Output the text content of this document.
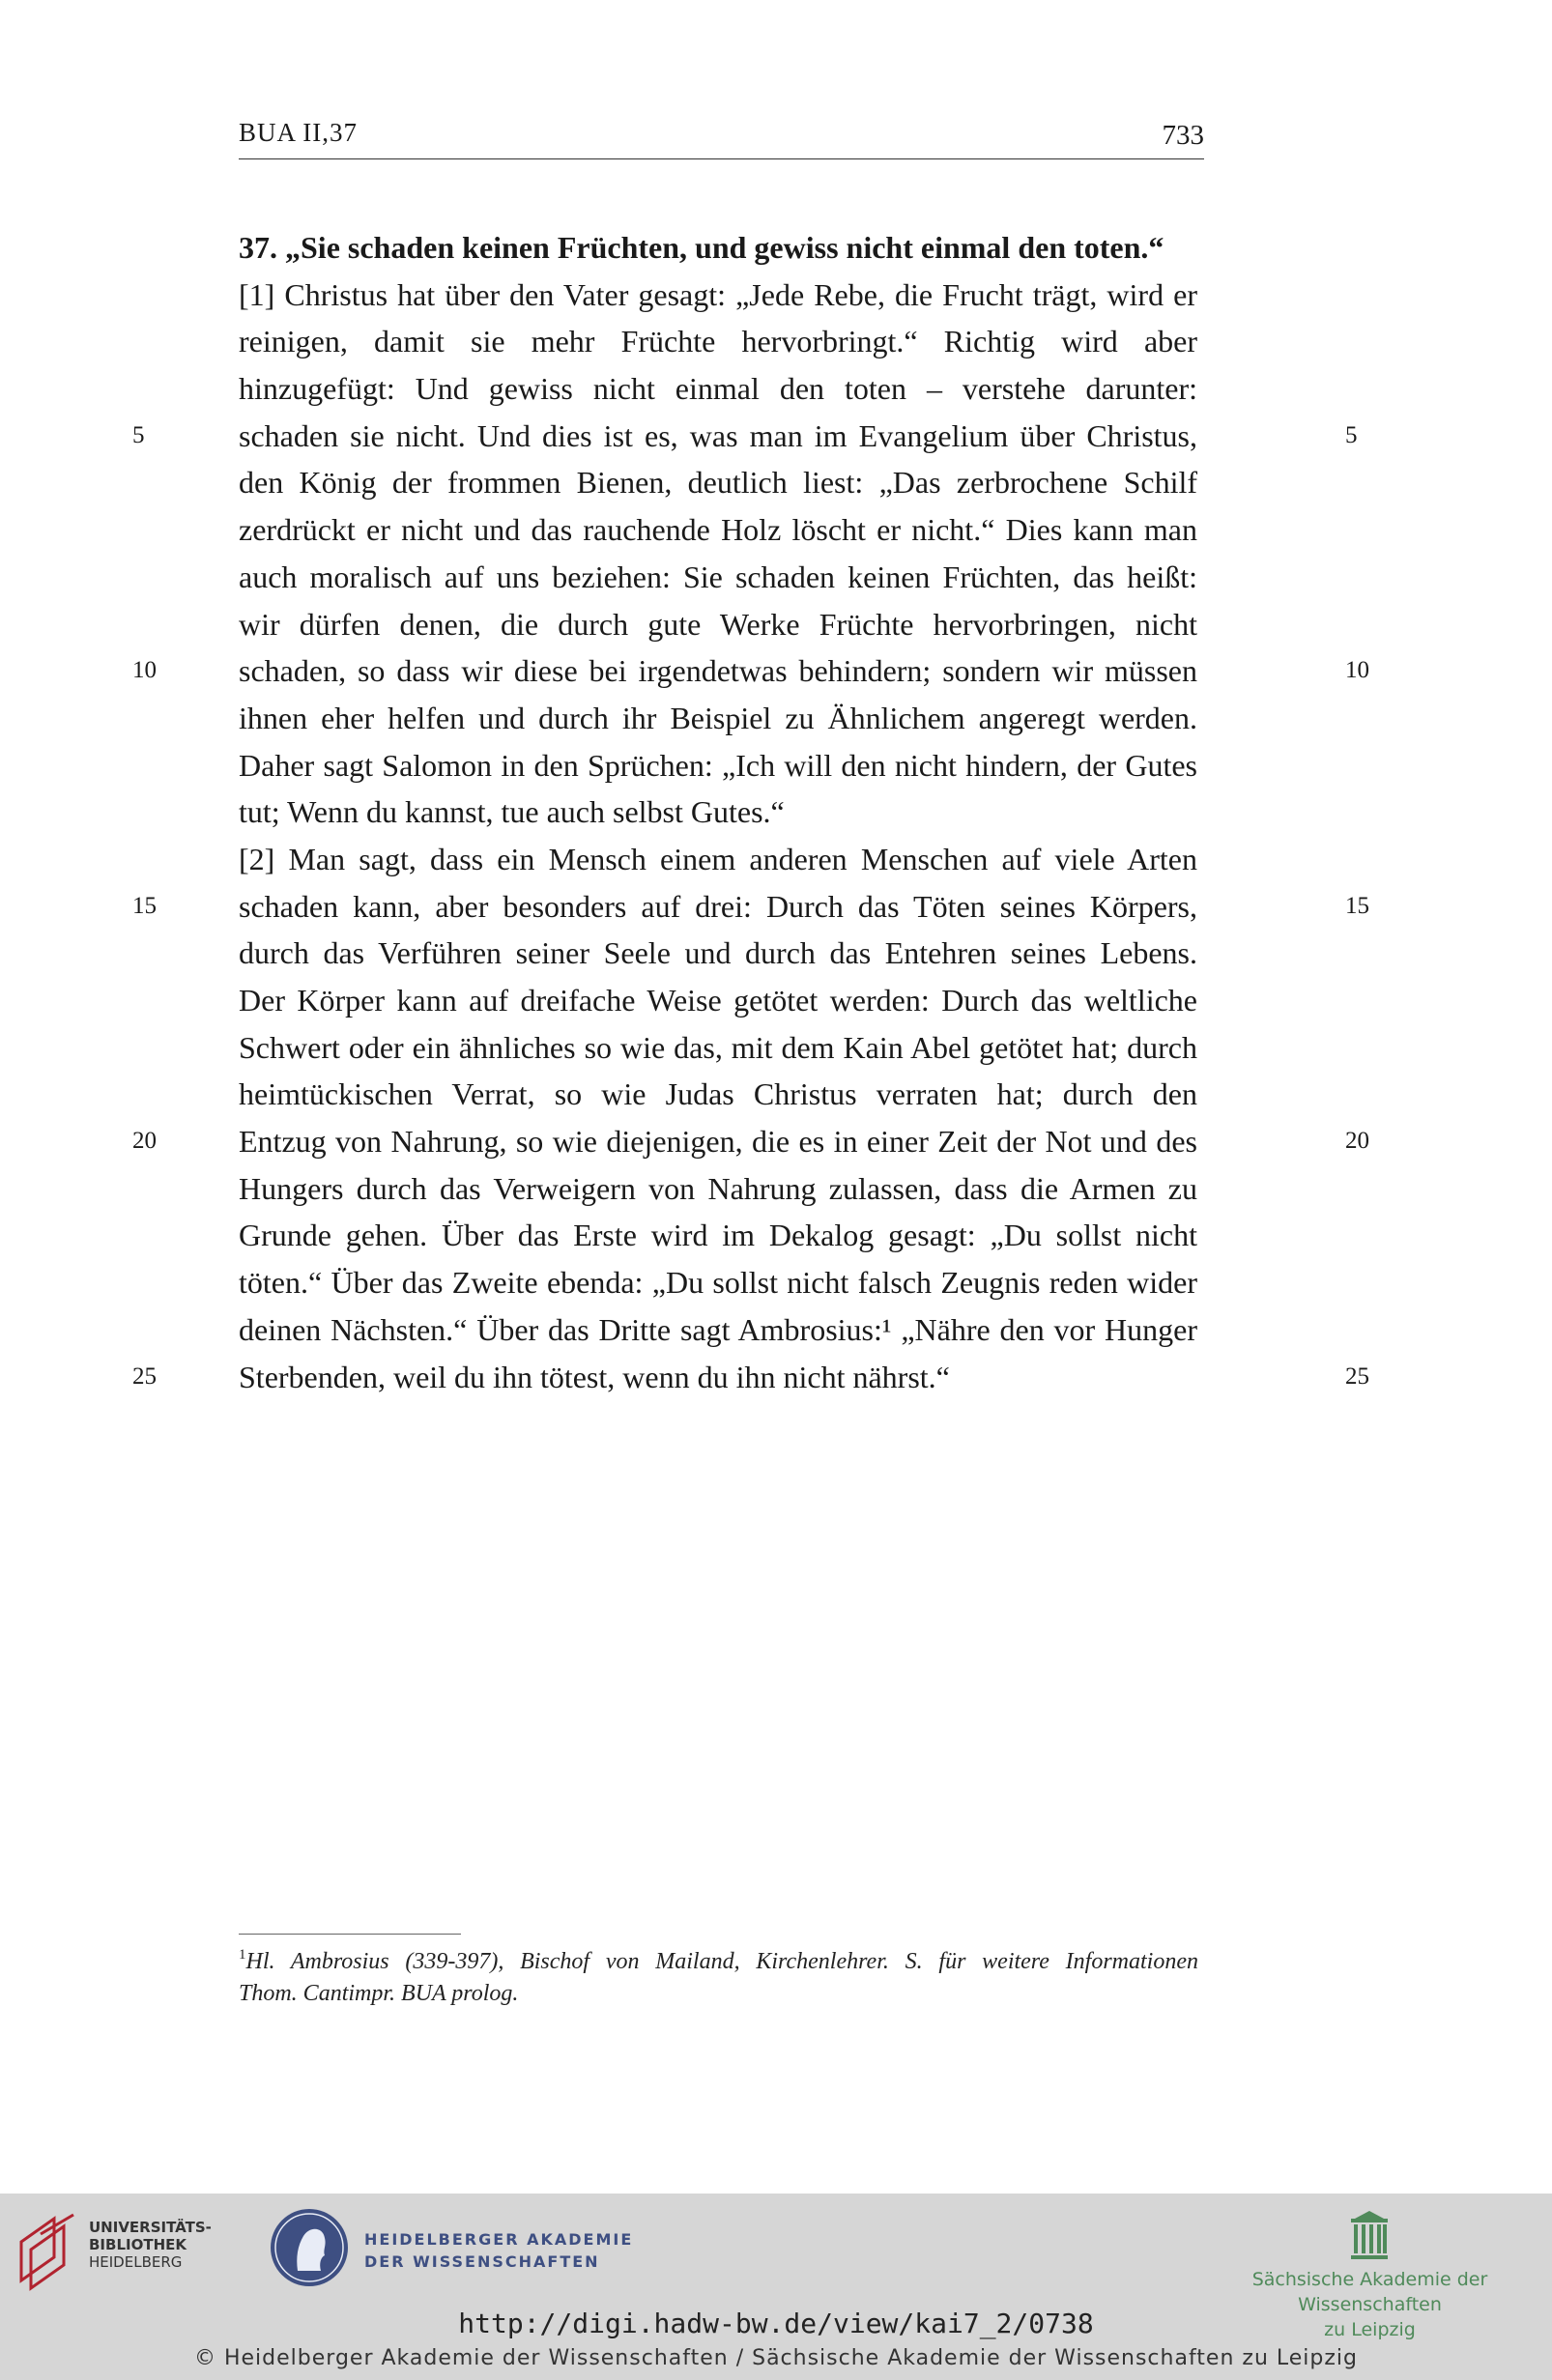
BUA II,37	733
37. „Sie schaden keinen Früchten, und gewiss nicht einmal den toten.“
[1] Christus hat über den Vater gesagt: „Jede Rebe, die Frucht trägt, wird er
reinigen, damit sie mehr Früchte hervorbringt.“ Richtig wird aber
hinzugefügt: Und gewiss nicht einmal den toten – verstehe darunter:
schaden sie nicht. Und dies ist es, was man im Evangelium über Christus,
5	5
den König der frommen Bienen, deutlich liest: „Das zerbrochene Schilf
zerdrückt er nicht und das rauchende Holz löscht er nicht.“ Dies kann man
auch moralisch auf uns beziehen: Sie schaden keinen Früchten, das heißt:
wir dürfen denen, die durch gute Werke Früchte hervorbringen, nicht
schaden, so dass wir diese bei irgendetwas behindern; sondern wir müssen
10	10
ihnen eher helfen und durch ihr Beispiel zu Ähnlichem angeregt werden.
Daher sagt Salomon in den Sprüchen: „Ich will den nicht hindern, der Gutes
tut; Wenn du kannst, tue auch selbst Gutes.“
[2] Man sagt, dass ein Mensch einem anderen Menschen auf viele Arten
schaden kann, aber besonders auf drei: Durch das Töten seines Körpers,
15	15
durch das Verführen seiner Seele und durch das Entehren seines Lebens.
Der Körper kann auf dreifache Weise getötet werden: Durch das weltliche
Schwert oder ein ähnliches so wie das, mit dem Kain Abel getötet hat; durch
heimtückischen Verrat, so wie Judas Christus verraten hat; durch den
Entzug von Nahrung, so wie diejenigen, die es in einer Zeit der Not und des
20	20
Hungers durch das Verweigern von Nahrung zulassen, dass die Armen zu
Grunde gehen. Über das Erste wird im Dekalog gesagt: „Du sollst nicht
töten.“ Über das Zweite ebenda: „Du sollst nicht falsch Zeugnis reden wider
deinen Nächsten.“ Über das Dritte sagt Ambrosius:¹ „Nähre den vor Hunger
Sterbenden, weil du ihn tötest, wenn du ihn nicht nährst.“
25	25
$^1$Hl. Ambrosius (339-397), Bischof von Mailand, Kirchenlehrer. S. für weitere Informationen
Thom. Cantimpr. BUA prolog.
UNIVERSITÄTS-
BIBLIOTHEK
HEIDELBERG
HEIDELBERGER AKADEMIE
DER WISSENSCHAFTEN
Sächsische Akademie der Wissenschaften
zu Leipzig
http://digi.hadw-bw.de/view/kai7_2/0738
© Heidelberger Akademie der Wissenschaften / Sächsische Akademie der Wissenschaften zu Leipzig
